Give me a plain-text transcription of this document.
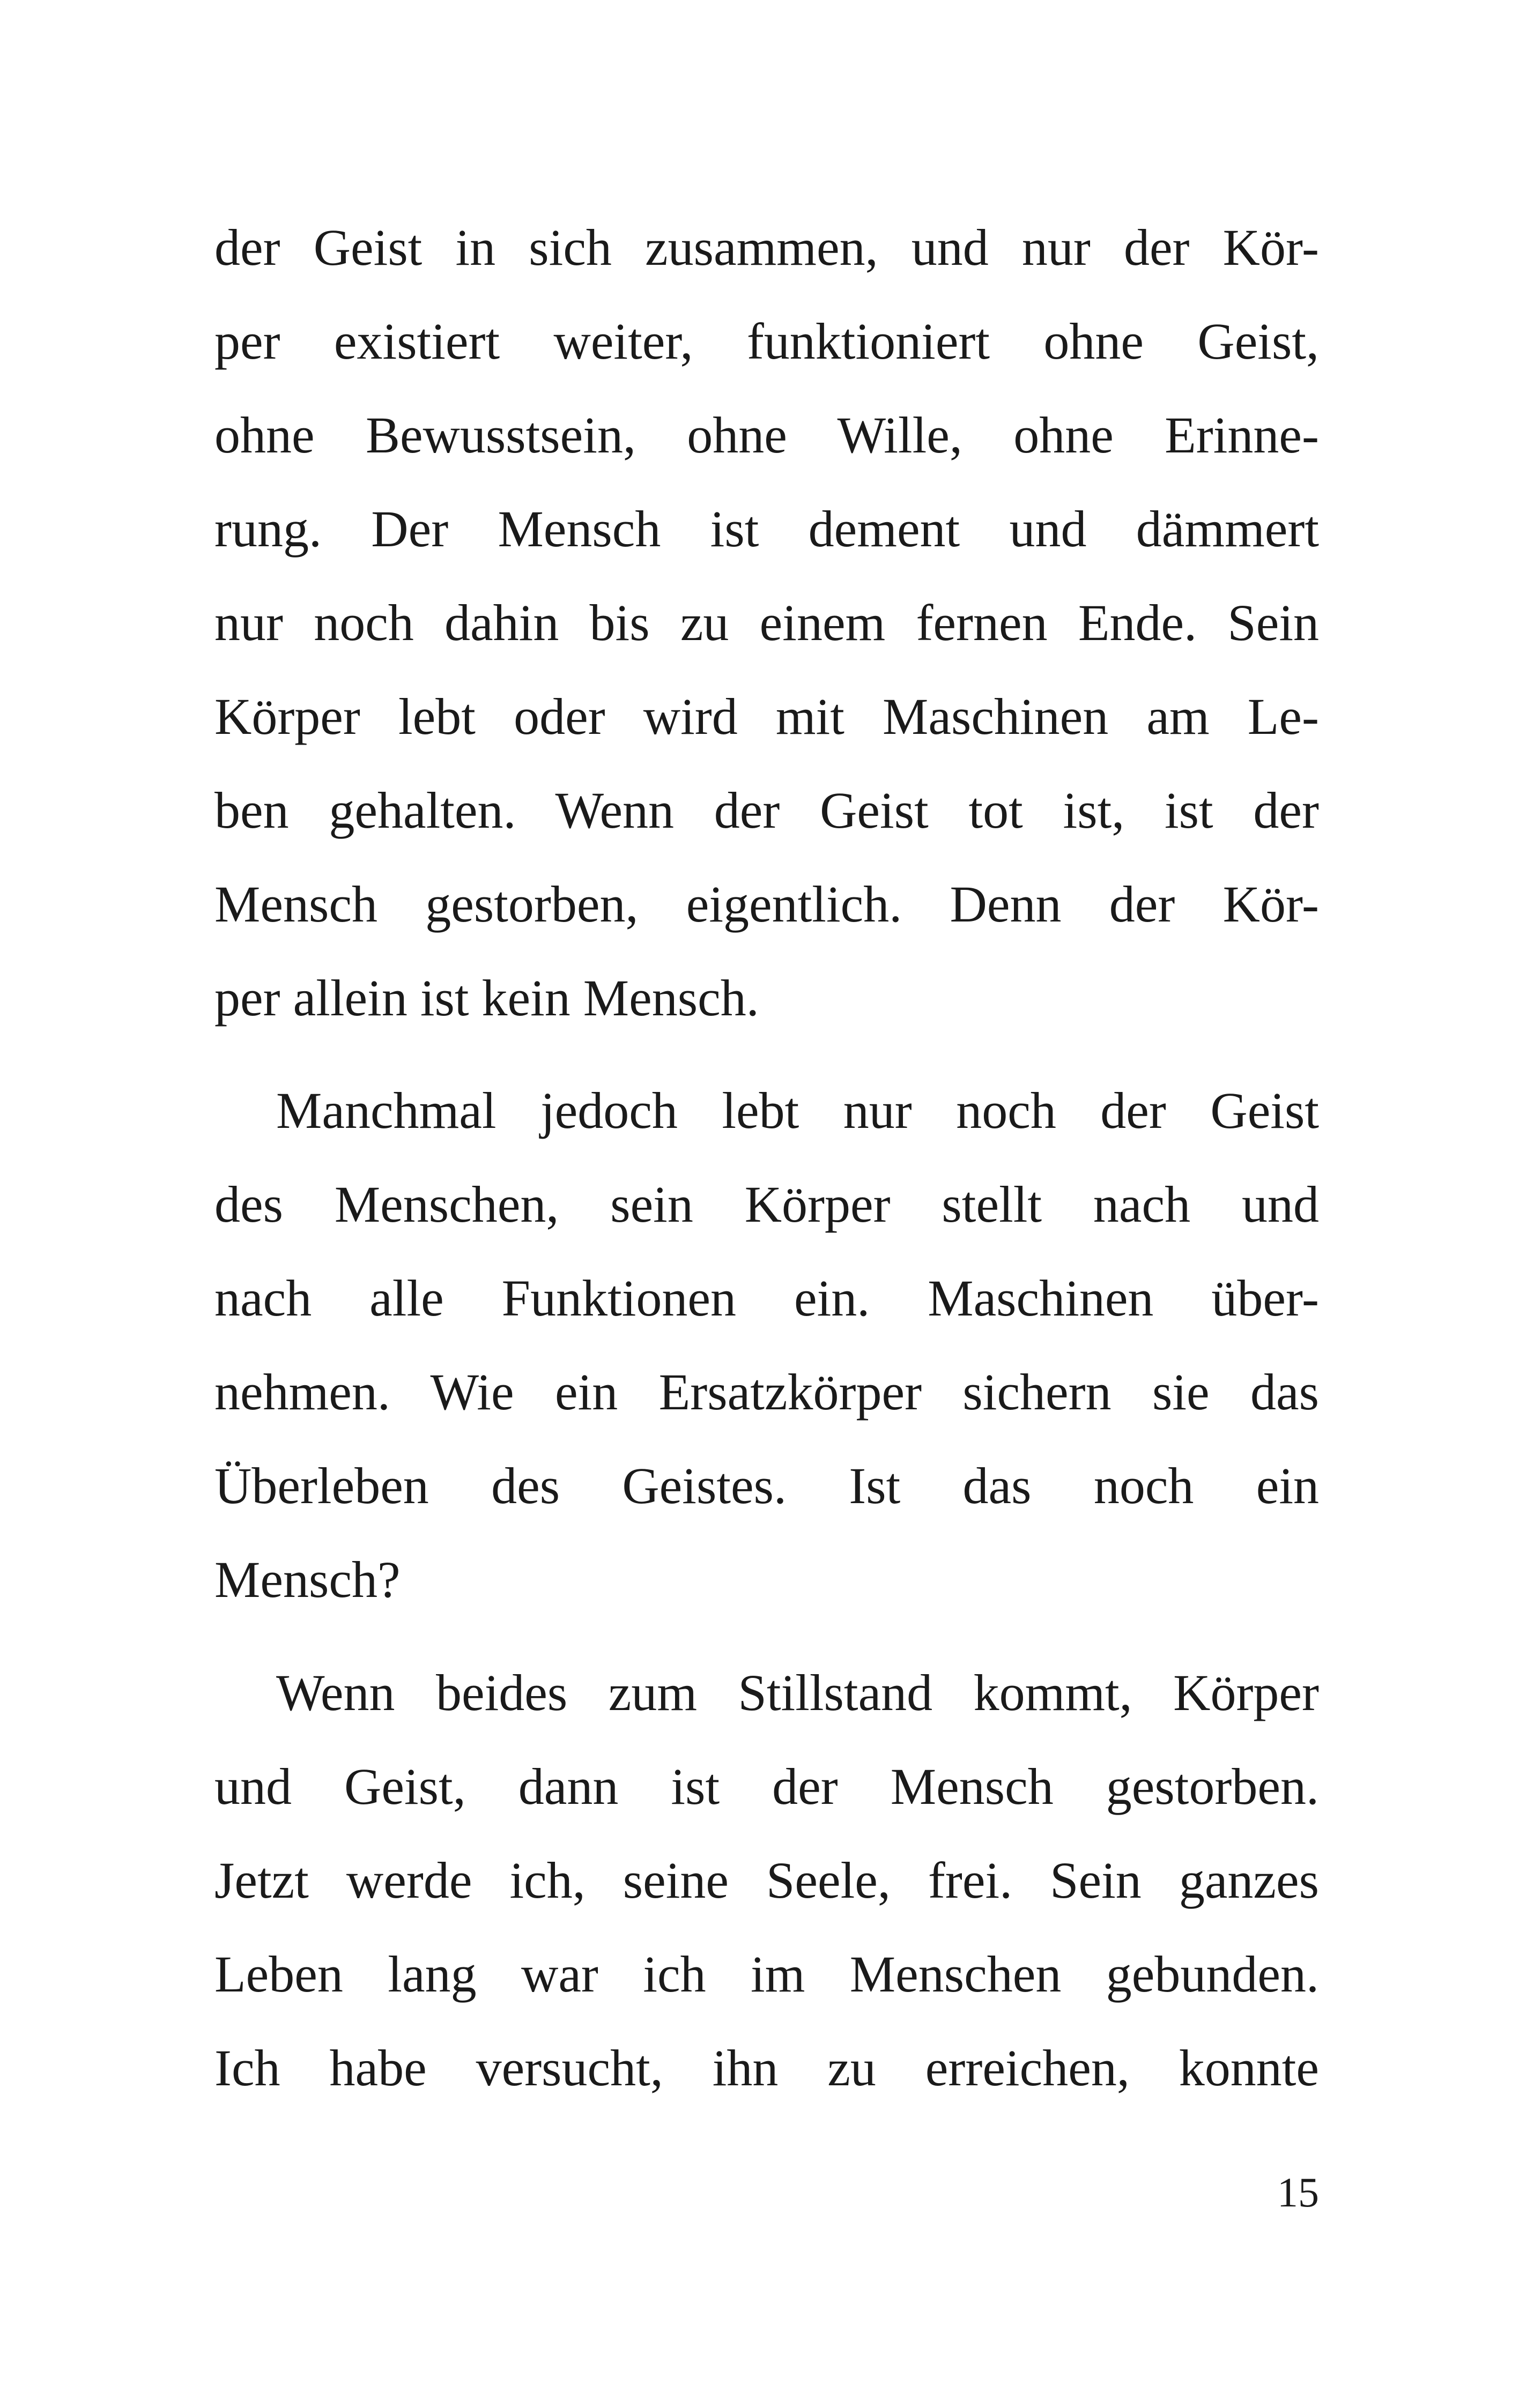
der Geist in sich zusammen, und nur der Kör-
per existiert weiter, funktioniert ohne Geist,
ohne Bewusstsein, ohne Wille, ohne Erinne-
rung. Der Mensch ist dement und dämmert
nur noch dahin bis zu einem fernen Ende. Sein
Körper lebt oder wird mit Maschinen am Le-
ben gehalten. Wenn der Geist tot ist, ist der
Mensch gestorben, eigentlich. Denn der Kör-
per allein ist kein Mensch.
Manchmal jedoch lebt nur noch der Geist
des Menschen, sein Körper stellt nach und
nach alle Funktionen ein. Maschinen über-
nehmen. Wie ein Ersatzkörper sichern sie das
Überleben des Geistes. Ist das noch ein
Mensch?
Wenn beides zum Stillstand kommt, Körper
und Geist, dann ist der Mensch gestorben.
Jetzt werde ich, seine Seele, frei. Sein ganzes
Leben lang war ich im Menschen gebunden.
Ich habe versucht, ihn zu erreichen, konnte
15
